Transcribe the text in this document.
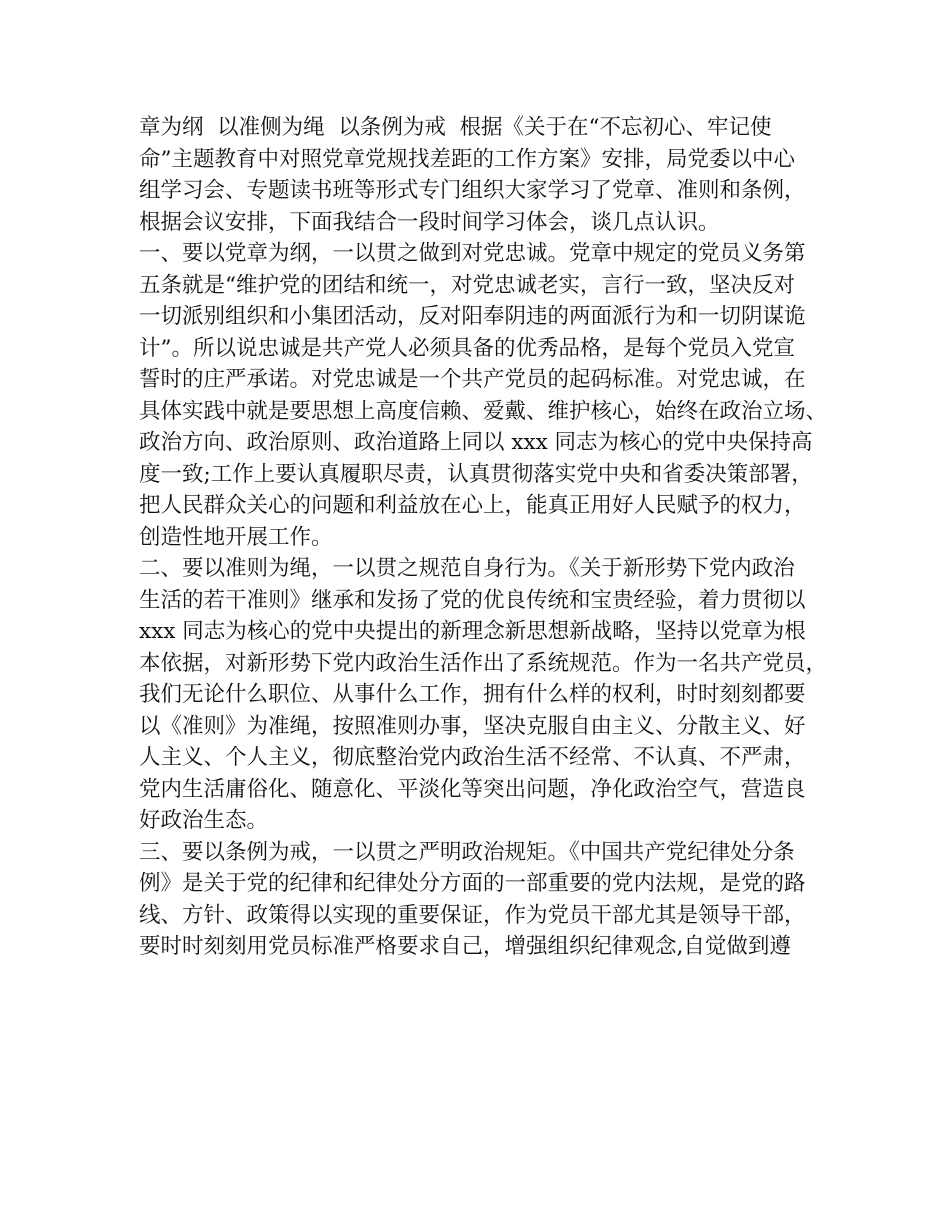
章为纲  以准侧为绳  以条例为戒  根据《关于在“不忘初心、牢记使
命”主题教育中对照党章党规找差距的工作方案》安排，局党委以中心
组学习会、专题读书班等形式专门组织大家学习了党章、准则和条例，
根据会议安排，下面我结合一段时间学习体会，谈几点认识。
一、要以党章为纲，一以贯之做到对党忠诚。党章中规定的党员义务第
五条就是“维护党的团结和统一，对党忠诚老实，言行一致，坚决反对
一切派别组织和小集团活动，反对阳奉阴违的两面派行为和一切阴谋诡
计”。所以说忠诚是共产党人必须具备的优秀品格，是每个党员入党宣
誓时的庄严承诺。对党忠诚是一个共产党员的起码标准。对党忠诚，在
具体实践中就是要思想上高度信赖、爱戴、维护核心，始终在政治立场、
政治方向、政治原则、政治道路上同以 xxx 同志为核心的党中央保持高
度一致;工作上要认真履职尽责，认真贯彻落实党中央和省委决策部署，
把人民群众关心的问题和利益放在心上，能真正用好人民赋予的权力，
创造性地开展工作。
二、要以准则为绳，一以贯之规范自身行为。《关于新形势下党内政治
生活的若干准则》继承和发扬了党的优良传统和宝贵经验，着力贯彻以
xxx 同志为核心的党中央提出的新理念新思想新战略，坚持以党章为根
本依据，对新形势下党内政治生活作出了系统规范。作为一名共产党员，
我们无论什么职位、从事什么工作，拥有什么样的权利，时时刻刻都要
以《准则》为准绳，按照准则办事，坚决克服自由主义、分散主义、好
人主义、个人主义，彻底整治党内政治生活不经常、不认真、不严肃，
党内生活庸俗化、随意化、平淡化等突出问题，净化政治空气，营造良
好政治生态。
三、要以条例为戒，一以贯之严明政治规矩。《中国共产党纪律处分条
例》是关于党的纪律和纪律处分方面的一部重要的党内法规，是党的路
线、方针、政策得以实现的重要保证，作为党员干部尤其是领导干部，
要时时刻刻用党员标准严格要求自己，增强组织纪律观念,自觉做到遵
